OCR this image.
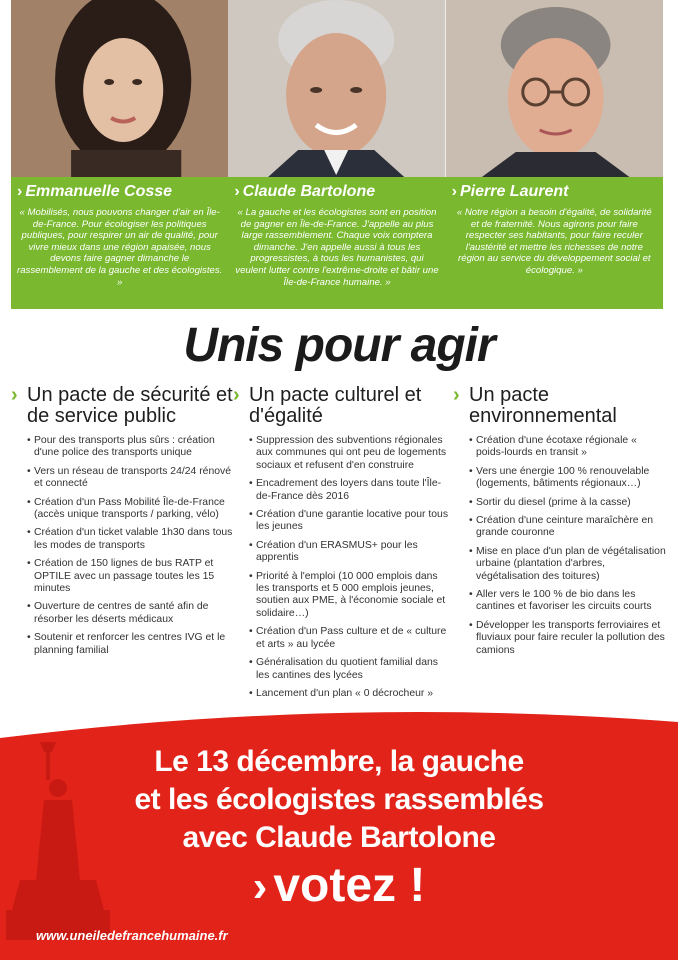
› Emmanuelle Cosse
« Mobilisés, nous pouvons changer d'air en Île-de-France. Pour écologiser les politiques publiques, pour respirer un air de qualité, pour vivre mieux dans une région apaisée, nous devons faire gagner dimanche le rassemblement de la gauche et des écologistes. »
› Claude Bartolone
« La gauche et les écologistes sont en position de gagner en Île-de-France. J'appelle au plus large rassemblement. Chaque voix comptera dimanche. J'en appelle aussi à tous les progressistes, à tous les humanistes, qui veulent lutter contre l'extrême-droite et bâtir une Île-de-France humaine. »
› Pierre Laurent
« Notre région a besoin d'égalité, de solidarité et de fraternité. Nous agirons pour faire respecter ses habitants, pour faire reculer l'austérité et mettre les richesses de notre région au service du développement social et écologique. »
Unis pour agir
› Un pacte de sécurité et de service public
• Pour des transports plus sûrs : création d'une police des transports unique
• Vers un réseau de transports 24/24 rénové et connecté
• Création d'un Pass Mobilité Île-de-France (accès unique transports / parking, vélo)
• Création d'un ticket valable 1h30 dans tous les modes de transports
• Création de 150 lignes de bus RATP et OPTILE avec un passage toutes les 15 minutes
• Ouverture de centres de santé afin de résorber les déserts médicaux
• Soutenir et renforcer les centres IVG et le planning familial
› Un pacte culturel et d'égalité
• Suppression des subventions régionales aux communes qui ont peu de logements sociaux et refusent d'en construire
• Encadrement des loyers dans toute l'Île-de-France dès 2016
• Création d'une garantie locative pour tous les jeunes
• Création d'un ERASMUS+ pour les apprentis
• Priorité à l'emploi (10 000 emplois dans les transports et 5 000 emplois jeunes, soutien aux PME, à l'économie sociale et solidaire…)
• Création d'un Pass culture et de « culture et arts » au lycée
• Généralisation du quotient familial dans les cantines des lycées
• Lancement d'un plan « 0 décrocheur »
› Un pacte environnemental
• Création d'une écotaxe régionale « poids-lourds en transit »
• Vers une énergie 100 % renouvelable (logements, bâtiments régionaux…)
• Sortir du diesel (prime à la casse)
• Création d'une ceinture maraîchère en grande couronne
• Mise en place d'un plan de végétalisation urbaine (plantation d'arbres, végétalisation des toitures)
• Aller vers le 100 % de bio dans les cantines et favoriser les circuits courts
• Développer les transports ferroviaires et fluviaux pour faire reculer la pollution des camions
Le 13 décembre, la gauche
et les écologistes rassemblés
avec Claude Bartolone
› votez !
www.uneiledefrancehumaine.fr
